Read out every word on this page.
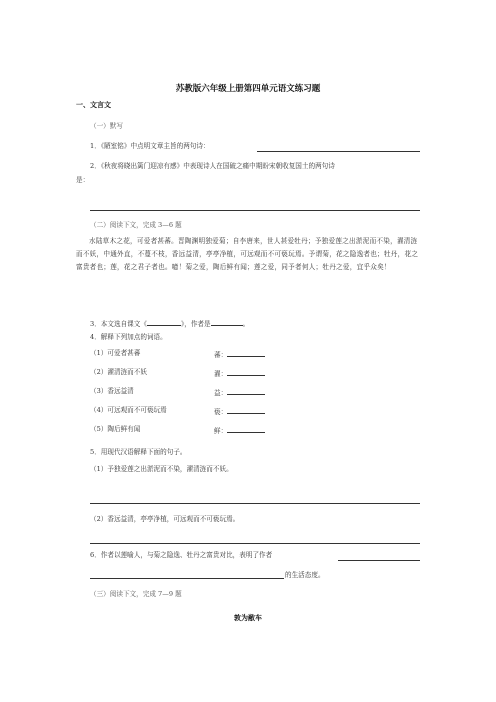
苏教版六年级上册第四单元语文练习题
一、文言文
（一）默写
1．《陋室铭》中点明文章主旨的两句诗：
2．《秋夜将晓出篱门迎凉有感》中表现诗人在国破之痛中期盼宋朝收复国土的两句诗
是：
（二）阅读下文，完成 3—6 题
水陆草木之花，可爱者甚蕃。晋陶渊明独爱菊；自李唐来，世人甚爱牡丹；予独爱莲之出淤泥而不染，濯清涟而不妖，中通外直，不蔓不枝，香远益清，亭亭净植，可远观而不可亵玩焉。予谓菊，花之隐逸者也；牡丹，花之富贵者也；莲，花之君子者也。噫！菊之爱，陶后鲜有闻；莲之爱，同予者何人；牡丹之爱，宜乎众矣！
3．本文选自课文《	》，作者是	。
4．解释下列加点的词语。
（1）可爱者甚蕃	蕃：
（2）濯清涟而不妖	濯：
（3）香远益清	益：
（4）可远观而不可亵玩焉	亵：
（5）陶后鲜有闻	鲜：
5．用现代汉语解释下面的句子。
（1）予独爱莲之出淤泥而不染，濯清涟而不妖。
（2）香远益清，亭亭净植，可远观而不可亵玩焉。
6．作者以莲喻人，与菊之隐逸、牡丹之富贵对比，表明了作者
的生活态度。
（三）阅读下文，完成 7—9 题
敦为敝车
